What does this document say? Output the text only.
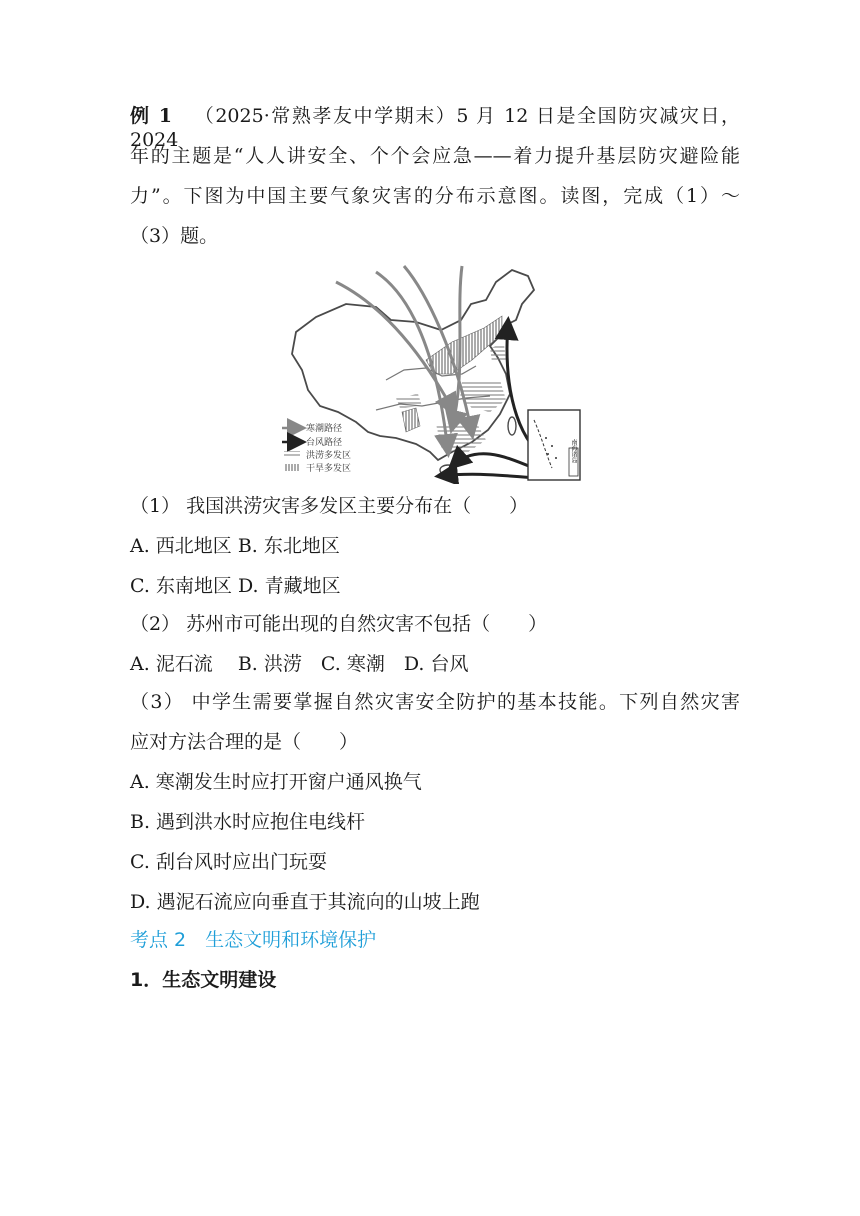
例 1 （2025·常熟孝友中学期末）5 月 12 日是全国防灾减灾日，2024
年的主题是“人人讲安全、个个会应急——着力提升基层防灾避险能
力”。下图为中国主要气象灾害的分布示意图。读图，完成（1）～
（3）题。
南海诸岛
寒潮路径
台风路径
洪涝多发区
干旱多发区
（1） 我国洪涝灾害多发区主要分布在（　　）
A. 西北地区 B. 东北地区
C. 东南地区 D. 青藏地区
（2） 苏州市可能出现的自然灾害不包括（　　）
A. 泥石流　 B. 洪涝　C. 寒潮　D. 台风
（3） 中学生需要掌握自然灾害安全防护的基本技能。下列自然灾害
应对方法合理的是（　　）
A. 寒潮发生时应打开窗户通风换气
B. 遇到洪水时应抱住电线杆
C. 刮台风时应出门玩耍
D. 遇泥石流应向垂直于其流向的山坡上跑
考点 2　生态文明和环境保护
1．生态文明建设
